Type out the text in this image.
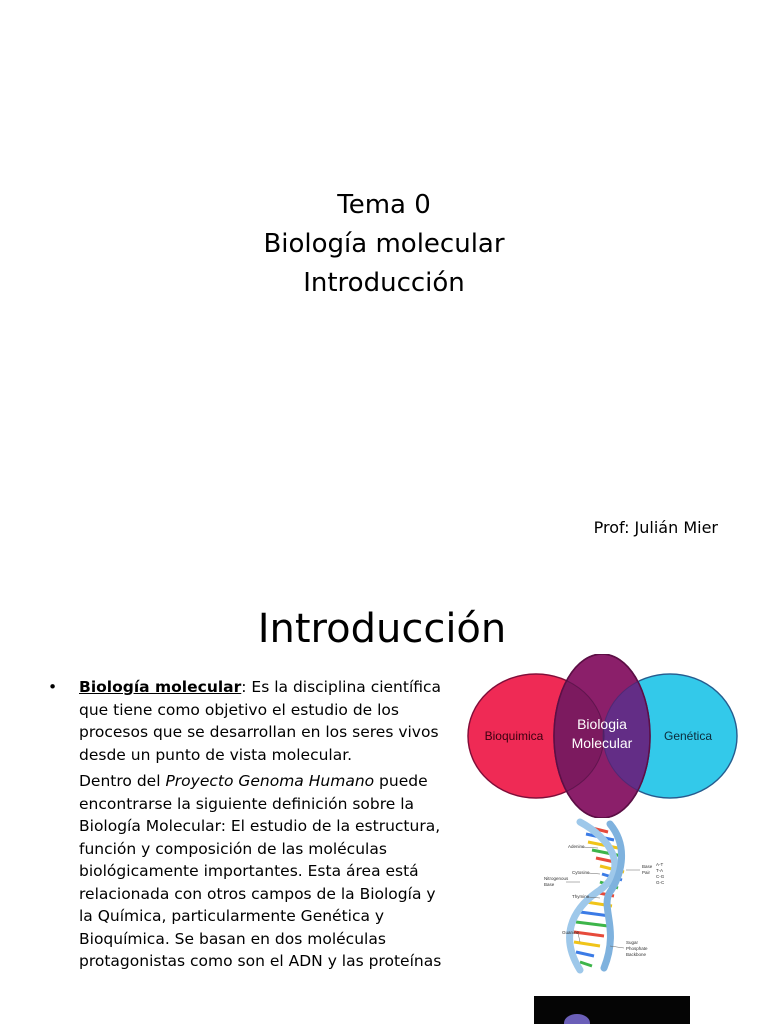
Tema 0
Biología molecular
Introducción
Prof: Julián Mier
Introducción
• Biología molecular: Es la disciplina científica que tiene como objetivo el estudio de los procesos que se desarrollan en los seres vivos desde un punto de vista molecular.
Dentro del Proyecto Genoma Humano puede encontrarse la siguiente definición sobre la Biología Molecular: El estudio de la estructura, función y composición de las moléculas biológicamente importantes. Esta área está relacionada con otros campos de la Biología y la Química, particularmente Genética y Bioquímica. Se basan en dos moléculas protagonistas como son el ADN y las proteínas
Bioquimica
Biologia
Molecular	Genética
Adenine
Cytosine
Nitrogenous
Base
Thymine
Guanine
Base
Pair
A-T
T-A
C-G
G-C
Sugar
Phosphate
Backbone
